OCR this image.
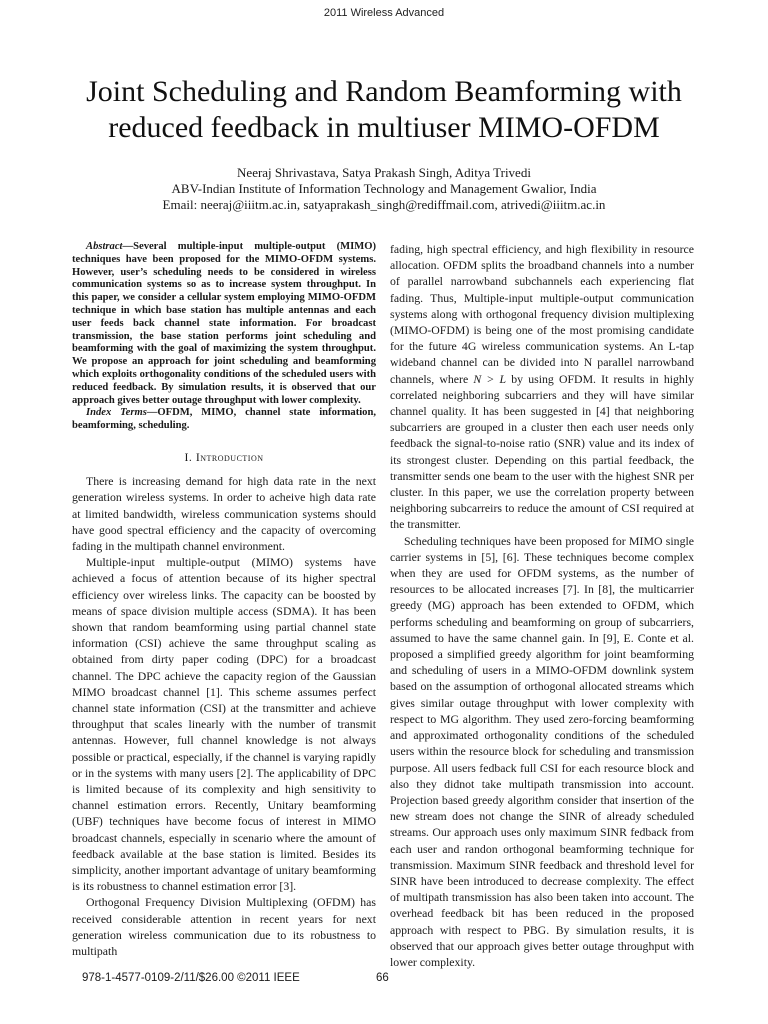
2011 Wireless Advanced
Joint Scheduling and Random Beamforming with
reduced feedback in multiuser MIMO-OFDM
Neeraj Shrivastava, Satya Prakash Singh, Aditya Trivedi
ABV-Indian Institute of Information Technology and Management Gwalior, India
Email: neeraj@iiitm.ac.in, satyaprakash_singh@rediffmail.com, atrivedi@iiitm.ac.in

Abstract—Several multiple-input multiple-output (MIMO) techniques have been proposed for the MIMO-OFDM systems. However, user’s scheduling needs to be considered in wireless communication systems so as to increase system throughput. In this paper, we consider a cellular system employing MIMO-OFDM technique in which base station has multiple antennas and each user feeds back channel state information. For broadcast transmission, the base station performs joint scheduling and beamforming with the goal of maximizing the system throughput. We propose an approach for joint scheduling and beamforming which exploits orthogonality conditions of the scheduled users with reduced feedback. By simulation results, it is observed that our approach gives better outage throughput with lower complexity.

Index Terms—OFDM, MIMO, channel state information, beamforming, scheduling.

I. Introduction

There is increasing demand for high data rate in the next generation wireless systems. In order to acheive high data rate at limited bandwidth, wireless communication systems should have good spectral efficiency and the capacity of overcoming fading in the multipath channel environment.

Multiple-input multiple-output (MIMO) systems have achieved a focus of attention because of its higher spectral efficiency over wireless links. The capacity can be boosted by means of space division multiple access (SDMA). It has been shown that random beamforming using partial channel state information (CSI) achieve the same throughput scaling as obtained from dirty paper coding (DPC) for a broadcast channel. The DPC achieve the capacity region of the Gaussian MIMO broadcast channel [1]. This scheme assumes perfect channel state information (CSI) at the transmitter and achieve throughput that scales linearly with the number of transmit antennas. However, full channel knowledge is not always possible or practical, especially, if the channel is varying rapidly or in the systems with many users [2]. The applicability of DPC is limited because of its complexity and high sensitivity to channel estimation errors. Recently, Unitary beamforming (UBF) techniques have become focus of interest in MIMO broadcast channels, especially in scenario where the amount of feedback available at the base station is limited. Besides its simplicity, another important advantage of unitary beamforming is its robustness to channel estimation error [3].

Orthogonal Frequency Division Multiplexing (OFDM) has received considerable attention in recent years for next generation wireless communication due to its robustness to multipath

fading, high spectral efficiency, and high flexibility in resource allocation. OFDM splits the broadband channels into a number of parallel narrowband subchannels each experiencing flat fading. Thus, Multiple-input multiple-output communication systems along with orthogonal frequency division multiplexing (MIMO-OFDM) is being one of the most promising candidate for the future 4G wireless communication systems. An L-tap wideband channel can be divided into N parallel narrowband channels, where N > L by using OFDM. It results in highly correlated neighboring subcarriers and they will have similar channel quality. It has been suggested in [4] that neighboring subcarriers are grouped in a cluster then each user needs only feedback the signal-to-noise ratio (SNR) value and its index of its strongest cluster. Depending on this partial feedback, the transmitter sends one beam to the user with the highest SNR per cluster. In this paper, we use the correlation property between neighboring subcarreirs to reduce the amount of CSI required at the transmitter.

Scheduling techniques have been proposed for MIMO single carrier systems in [5], [6]. These techniques become complex when they are used for OFDM systems, as the number of resources to be allocated increases [7]. In [8], the multicarrier greedy (MG) approach has been extended to OFDM, which performs scheduling and beamforming on group of subcarriers, assumed to have the same channel gain. In [9], E. Conte et al. proposed a simplified greedy algorithm for joint beamforming and scheduling of users in a MIMO-OFDM downlink system based on the assumption of orthogonal allocated streams which gives similar outage throughput with lower complexity with respect to MG algorithm. They used zero-forcing beamforming and approximated orthogonality conditions of the scheduled users within the resource block for scheduling and transmission purpose. All users fedback full CSI for each resource block and also they didnot take multipath transmission into account. Projection based greedy algorithm consider that insertion of the new stream does not change the SINR of already scheduled streams. Our approach uses only maximum SINR fedback from each user and randon orthogonal beamforming technique for transmission. Maximum SINR feedback and threshold level for SINR have been introduced to decrease complexity. The effect of multipath transmission has also been taken into account. The overhead feedback bit has been reduced in the proposed approach with respect to PBG. By simulation results, it is observed that our approach gives better outage throughput with lower complexity.

978-1-4577-0109-2/11/$26.00 ©2011 IEEE	66
